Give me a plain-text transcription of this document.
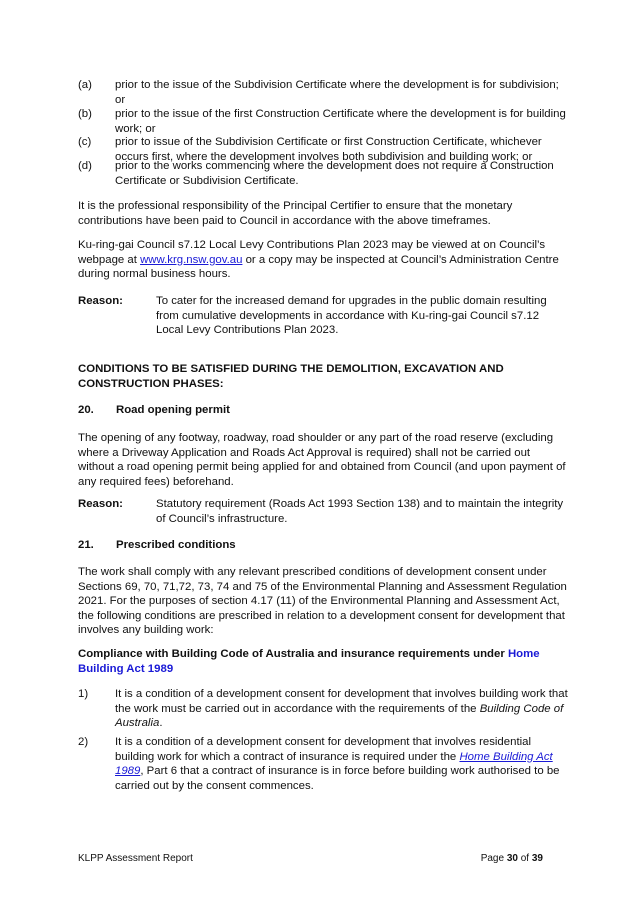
(a)	prior to the issue of the Subdivision Certificate where the development is for subdivision; or
(b)	prior to the issue of the first Construction Certificate where the development is for building work; or
(c)	prior to issue of the Subdivision Certificate or first Construction Certificate, whichever occurs first, where the development involves both subdivision and building work; or
(d)	prior to the works commencing where the development does not require a Construction Certificate or Subdivision Certificate.
It is the professional responsibility of the Principal Certifier to ensure that the monetary contributions have been paid to Council in accordance with the above timeframes.
Ku-ring-gai Council s7.12 Local Levy Contributions Plan 2023 may be viewed at on Council’s webpage at www.krg.nsw.gov.au or a copy may be inspected at Council’s Administration Centre during normal business hours.
Reason:	To cater for the increased demand for upgrades in the public domain resulting from cumulative developments in accordance with Ku-ring-gai Council s7.12 Local Levy Contributions Plan 2023.
CONDITIONS TO BE SATISFIED DURING THE DEMOLITION, EXCAVATION AND CONSTRUCTION PHASES:
20. Road opening permit
The opening of any footway, roadway, road shoulder or any part of the road reserve (excluding where a Driveway Application and Roads Act Approval is required) shall not be carried out without a road opening permit being applied for and obtained from Council (and upon payment of any required fees) beforehand.
Reason:	Statutory requirement (Roads Act 1993 Section 138) and to maintain the integrity of Council’s infrastructure.
21. Prescribed conditions
The work shall comply with any relevant prescribed conditions of development consent under Sections 69, 70, 71,72, 73, 74 and 75 of the Environmental Planning and Assessment Regulation 2021. For the purposes of section 4.17 (11) of the Environmental Planning and Assessment Act, the following conditions are prescribed in relation to a development consent for development that involves any building work:
Compliance with Building Code of Australia and insurance requirements under Home Building Act 1989
1)	It is a condition of a development consent for development that involves building work that the work must be carried out in accordance with the requirements of the Building Code of Australia.
2)	It is a condition of a development consent for development that involves residential building work for which a contract of insurance is required under the Home Building Act 1989, Part 6 that a contract of insurance is in force before building work authorised to be carried out by the consent commences.
KLPP Assessment Report	Page 30 of 39
